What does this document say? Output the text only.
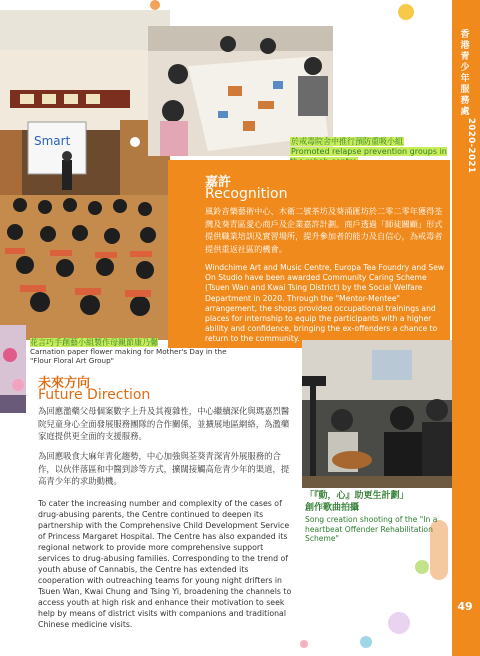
Smart	於戒毒院舍中推行預防重吸小組
Promoted relapse prevention groups in
嘉許
Recognition
風鈴音樂藝術中心、木衛二號茶坊及葵涌匯坊於二零二零年獲得荃灣及葵青區愛心商戶及企業嘉許計劃。商戶透過「師徒關顧」形式提供職業培訓及實習場所，提升參加者的能力及自信心，為戒毒者提供重返社區的機會。
Windchime Art and Music Centre, Europa Tea Foundry and Sew On Studio have been awarded Community Caring Scheme (Tsuen Wan and Kwai Tsing District) by the Social Welfare Department in 2020. Through the "Mentor-Mentee" arrangement, the shops provided occupational trainings and places for internship to equip the participants with a higher ability and confidence, bringing the ex-offenders a chance to return to the community.
花言巧手創藝小組製作母親節康乃馨
Carnation paper flower making for Mother's Day in the "Flour Floral Art Group"
未來方向
Future Direction
為回應濫藥父母個案數字上升及其複雜性，中心繼續深化與瑪嘉烈醫院兒童身心全面發展服務團隊的合作關係，並擴展地區網絡，為濫藥家庭提供更全面的支援服務。
為回應吸食大麻年青化趨勢，中心加強與荃葵青深宵外展服務的合作，以伙伴落區和中醫到診等方式，擴闊接觸高危青少年的渠道，提高青少年的求助動機。
To cater the increasing number and complexity of the cases of drug-abusing parents, the Centre continued to deepen its partnership with the Comprehensive Child Development Service of Princess Margaret Hospital. The Centre has also expanded its regional network to provide more comprehensive support services to drug-abusing families. Corresponding to the trend of youth abuse of Cannabis, the Centre has extended its cooperation with outreaching teams for young night drifters in Tsuen Wan, Kwai Chung and Tsing Yi, broadening the channels to access youth at high risk and enhance their motivation to seek help by means of district visits with companions and traditional Chinese medicine visits.
「『動，心』助更生計劃」
創作歌曲拍攝
Song creation shooting of the "In a heartbeat Offender Rehabilitation Scheme"
香
港
青
少
年
服
務
處
2020-2021
49
